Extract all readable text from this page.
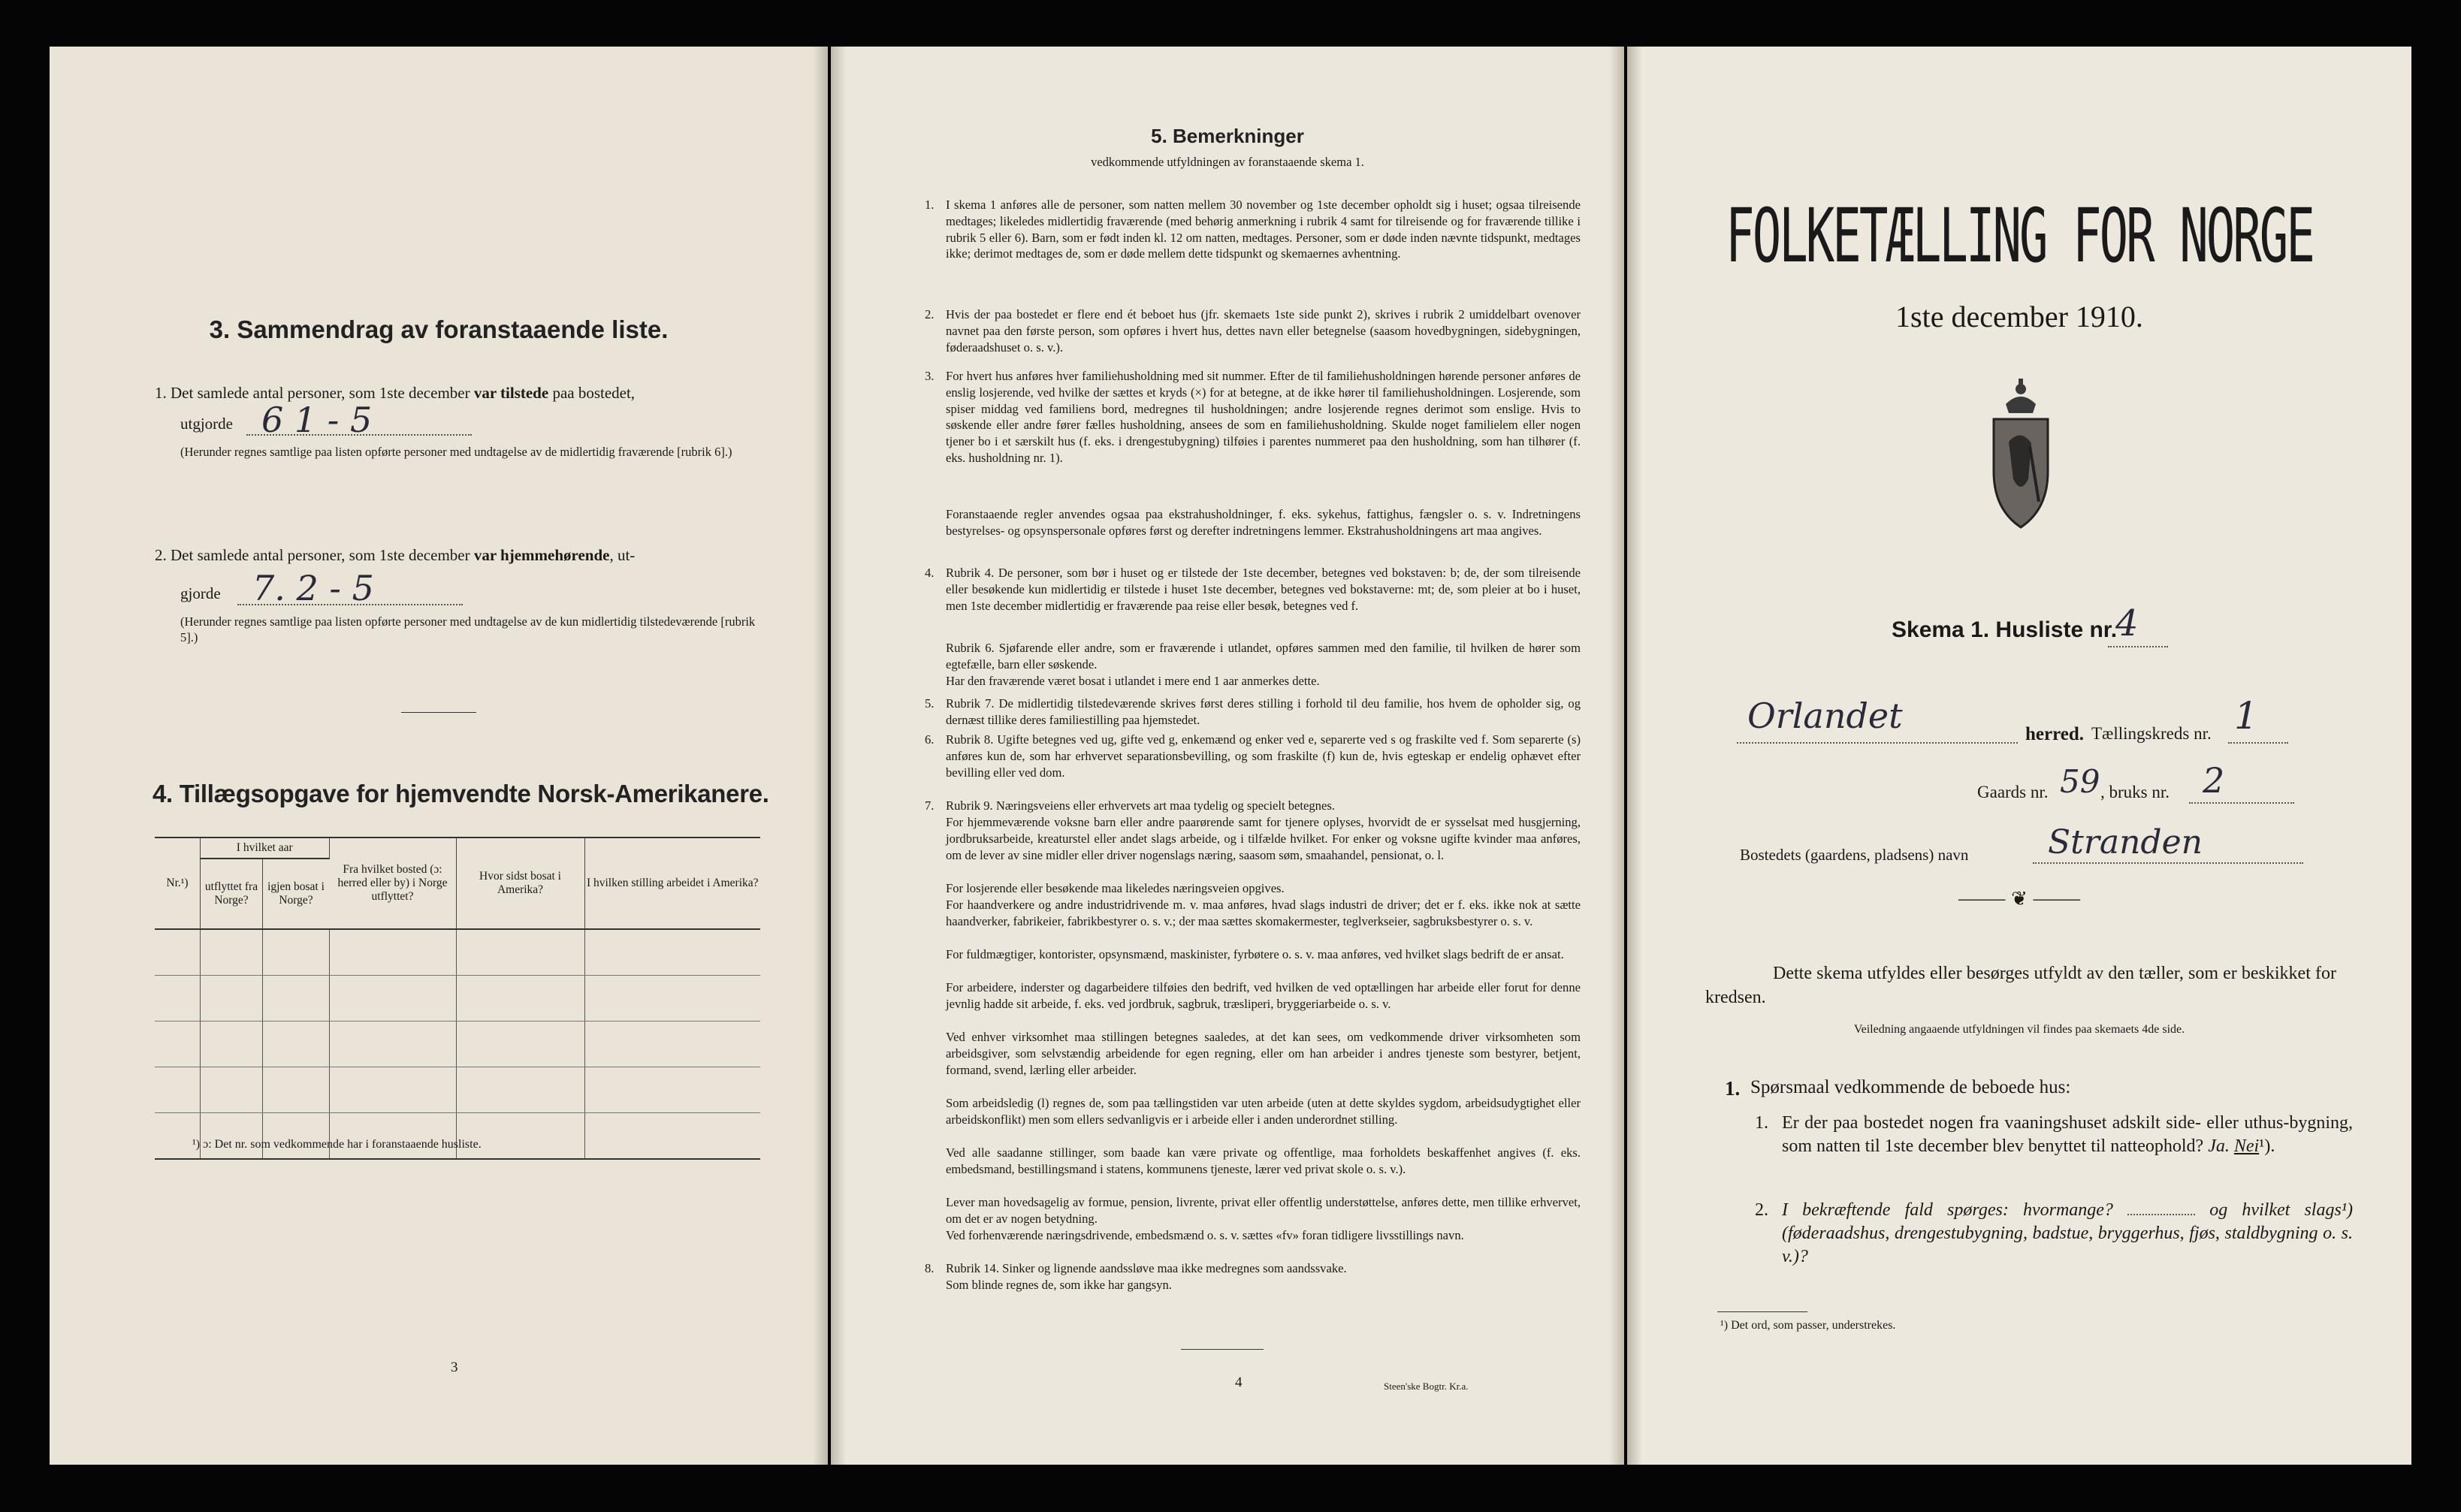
3. Sammendrag av foranstaaende liste.
1. Det samlede antal personer, som 1ste december var tilstede paa bostedet,
utgjorde 6 1 - 5
(Herunder regnes samtlige paa listen opførte personer med undtagelse av de midlertidig fraværende [rubrik 6].)
2. Det samlede antal personer, som 1ste december var hjemmehørende, ut-
gjorde 7. 2 - 5
(Herunder regnes samtlige paa listen opførte personer med undtagelse av de kun midlertidig tilstedeværende [rubrik 5].)
4. Tillægsopgave for hjemvendte Norsk-Amerikanere.
Nr.¹)	I hvilket aar		Fra hvilket bosted (ɔ: herred eller by) i Norge utflyttet?	Hvor sidst bosat i Amerika?	I hvilken stilling arbeidet i Amerika?
	utflyttet fra Norge?	igjen bosat i Norge?			

¹) ɔ: Det nr. som vedkommende har i foranstaaende husliste.
3
5. Bemerkninger
vedkommende utfyldningen av foranstaaende skema 1.
1. I skema 1 anføres alle de personer, som natten mellem 30 november og 1ste december opholdt sig i huset; ogsaa tilreisende medtages; likeledes midlertidig fraværende (med behørig anmerkning i rubrik 4 samt for tilreisende og for fraværende tillike i rubrik 5 eller 6). Barn, som er født inden kl. 12 om natten, medtages. Personer, som er døde inden nævnte tidspunkt, medtages ikke; derimot medtages de, som er døde mellem dette tidspunkt og skemaernes avhentning.
2. Hvis der paa bostedet er flere end ét beboet hus (jfr. skemaets 1ste side punkt 2), skrives i rubrik 2 umiddelbart ovenover navnet paa den første person, som opføres i hvert hus, dettes navn eller betegnelse (saasom hovedbygningen, sidebygningen, føderaadshuset o. s. v.).
3. For hvert hus anføres hver familiehusholdning med sit nummer. Efter de til familiehusholdningen hørende personer anføres de enslig losjerende, ved hvilke der sættes et kryds (×) for at betegne, at de ikke hører til familiehusholdningen. Losjerende, som spiser middag ved familiens bord, medregnes til husholdningen; andre losjerende regnes derimot som enslige. Hvis to søskende eller andre fører fælles husholdning, ansees de som en familiehusholdning. Skulde noget familielem eller nogen tjener bo i et særskilt hus (f. eks. i drengestubygning) tilføies i parentes nummeret paa den husholdning, som han tilhører (f. eks. husholdning nr. 1).
Foranstaaende regler anvendes ogsaa paa ekstrahusholdninger, f. eks. sykehus, fattighus, fængsler o. s. v. Indretningens bestyrelses- og opsynspersonale opføres først og derefter indretningens lemmer. Ekstrahusholdningens art maa angives.
4. Rubrik 4. De personer, som bør i huset og er tilstede der 1ste december, betegnes ved bokstaven: b; de, der som tilreisende eller besøkende kun midlertidig er tilstede i huset 1ste december, betegnes ved bokstaverne: mt; de, som pleier at bo i huset, men 1ste december midlertidig er fraværende paa reise eller besøk, betegnes ved f.
Rubrik 6. Sjøfarende eller andre, som er fraværende i utlandet, opføres sammen med den familie, til hvilken de hører som egtefælle, barn eller søskende.
Har den fraværende været bosat i utlandet i mere end 1 aar anmerkes dette.
5. Rubrik 7. De midlertidig tilstedeværende skrives først deres stilling i forhold til deu familie, hos hvem de opholder sig, og dernæst tillike deres familiestilling paa hjemstedet.
6. Rubrik 8. Ugifte betegnes ved ug, gifte ved g, enkemænd og enker ved e, separerte ved s og fraskilte ved f. Som separerte (s) anføres kun de, som har erhvervet separationsbevilling, og som fraskilte (f) kun de, hvis egteskap er endelig ophævet efter bevilling eller ved dom.
7. Rubrik 9. Næringsveiens eller erhvervets art maa tydelig og specielt betegnes.
For hjemmeværende voksne barn eller andre paarørende samt for tjenere oplyses, hvorvidt de er sysselsat med husgjerning, jordbruksarbeide, kreaturstel eller andet slags arbeide, og i tilfælde hvilket. For enker og voksne ugifte kvinder maa anføres, om de lever av sine midler eller driver nogenslags næring, saasom søm, smaahandel, pensionat, o. l.
For losjerende eller besøkende maa likeledes næringsveien opgives.
For haandverkere og andre industridrivende m. v. maa anføres, hvad slags industri de driver; det er f. eks. ikke nok at sætte haandverker, fabrikeier, fabrikbestyrer o. s. v.; der maa sættes skomakermester, teglverkseier, sagbruksbestyrer o. s. v.
For fuldmægtiger, kontorister, opsynsmænd, maskinister, fyrbøtere o. s. v. maa anføres, ved hvilket slags bedrift de er ansat.
For arbeidere, inderster og dagarbeidere tilføies den bedrift, ved hvilken de ved optællingen har arbeide eller forut for denne jevnlig hadde sit arbeide, f. eks. ved jordbruk, sagbruk, træsliperi, bryggeriarbeide o. s. v.
Ved enhver virksomhet maa stillingen betegnes saaledes, at det kan sees, om vedkommende driver virksomheten som arbeidsgiver, som selvstændig arbeidende for egen regning, eller om han arbeider i andres tjeneste som bestyrer, betjent, formand, svend, lærling eller arbeider.
Som arbeidsledig (l) regnes de, som paa tællingstiden var uten arbeide (uten at dette skyldes sygdom, arbeidsudygtighet eller arbeidskonflikt) men som ellers sedvanligvis er i arbeide eller i anden underordnet stilling.
Ved alle saadanne stillinger, som baade kan være private og offentlige, maa forholdets beskaffenhet angives (f. eks. embedsmand, bestillingsmand i statens, kommunens tjeneste, lærer ved privat skole o. s. v.).
Lever man hovedsagelig av formue, pension, livrente, privat eller offentlig understøttelse, anføres dette, men tillike erhvervet, om det er av nogen betydning.
Ved forhenværende næringsdrivende, embedsmænd o. s. v. sættes «fv» foran tidligere livsstillings navn.
8. Rubrik 14. Sinker og lignende aandssløve maa ikke medregnes som aandssvake.
Som blinde regnes de, som ikke har gangsyn.
4	Steen'ske Bogtr. Kr.a.
FOLKETÆLLING FOR NORGE
1ste december 1910.
Skema 1. Husliste nr.
4
Orlandet	herred. Tællingskreds nr. 1
Gaards nr. 59 , bruks nr. 2
Bostedets (gaardens, pladsens) navn Stranden
⸻ ❦ ⸻
Dette skema utfyldes eller besørges utfyldt av den tæller, som er beskikket for kredsen.
Veiledning angaaende utfyldningen vil findes paa skemaets 4de side.
1. Spørsmaal vedkommende de beboede hus:
1. Er der paa bostedet nogen fra vaaningshuset adskilt side- eller uthus-bygning, som natten til 1ste december blev benyttet til natteophold? Ja. Nei¹).
2. I bekræftende fald spørges: hvormange?	og hvilket slags¹) (føderaadshus, drengestubygning, badstue, bryggerhus, fjøs, staldbygning o. s. v.)?
¹) Det ord, som passer, understrekes.
